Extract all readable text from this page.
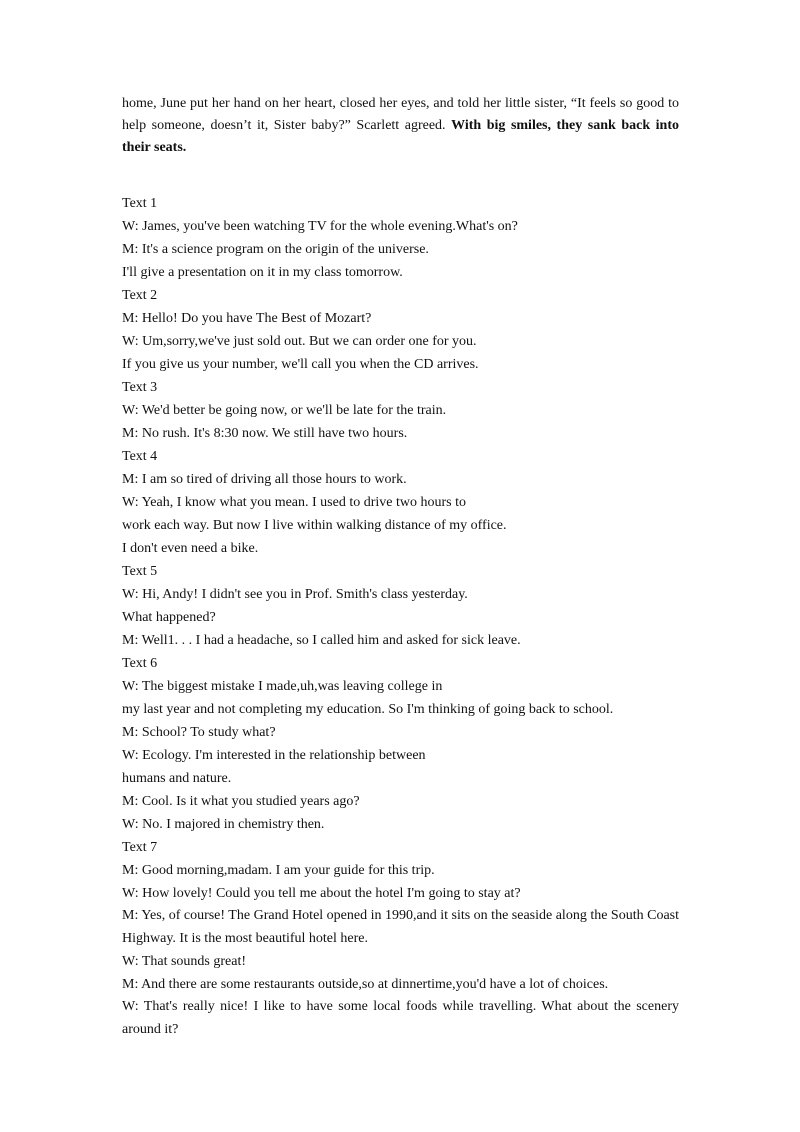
home, June put her hand on her heart, closed her eyes, and told her little sister, “It feels so good to help someone, doesn’t it, Sister baby?” Scarlett agreed. With big smiles, they sank back into their seats.

Text 1
W: James, you've been watching TV for the whole evening.What's on?
M: It's a science program on the origin of the universe.
I'll give a presentation on it in my class tomorrow.
Text 2
M: Hello! Do you have The Best of Mozart?
W: Um,sorry,we've just sold out. But we can order one for you.
If you give us your number, we'll call you when the CD arrives.
Text 3
W: We'd better be going now, or we'll be late for the train.
M: No rush. It's 8:30 now. We still have two hours.
Text 4
M: I am so tired of driving all those hours to work.
W: Yeah, I know what you mean. I used to drive two hours to
work each way. But now I live within walking distance of my office.
I don't even need a bike.
Text 5
W: Hi, Andy! I didn't see you in Prof. Smith's class yesterday.
What happened?
M: Well1. . . I had a headache, so I called him and asked for sick leave.
Text 6
W: The biggest mistake I made,uh,was leaving college in
my last year and not completing my education. So I'm thinking of going back to school.
M: School? To study what?
W: Ecology. I'm interested in the relationship between
humans and nature.
M: Cool. Is it what you studied years ago?
W: No. I majored in chemistry then.
Text 7
M: Good morning,madam. I am your guide for this trip.
W: How lovely! Could you tell me about the hotel I'm going to stay at?
M: Yes, of course! The Grand Hotel opened in 1990,and it sits on the seaside along the South Coast Highway. It is the most beautiful hotel here.
W: That sounds great!
M: And there are some restaurants outside,so at dinnertime,you'd have a lot of choices.
W: That's really nice! I like to have some local foods while travelling. What about the scenery around it?
